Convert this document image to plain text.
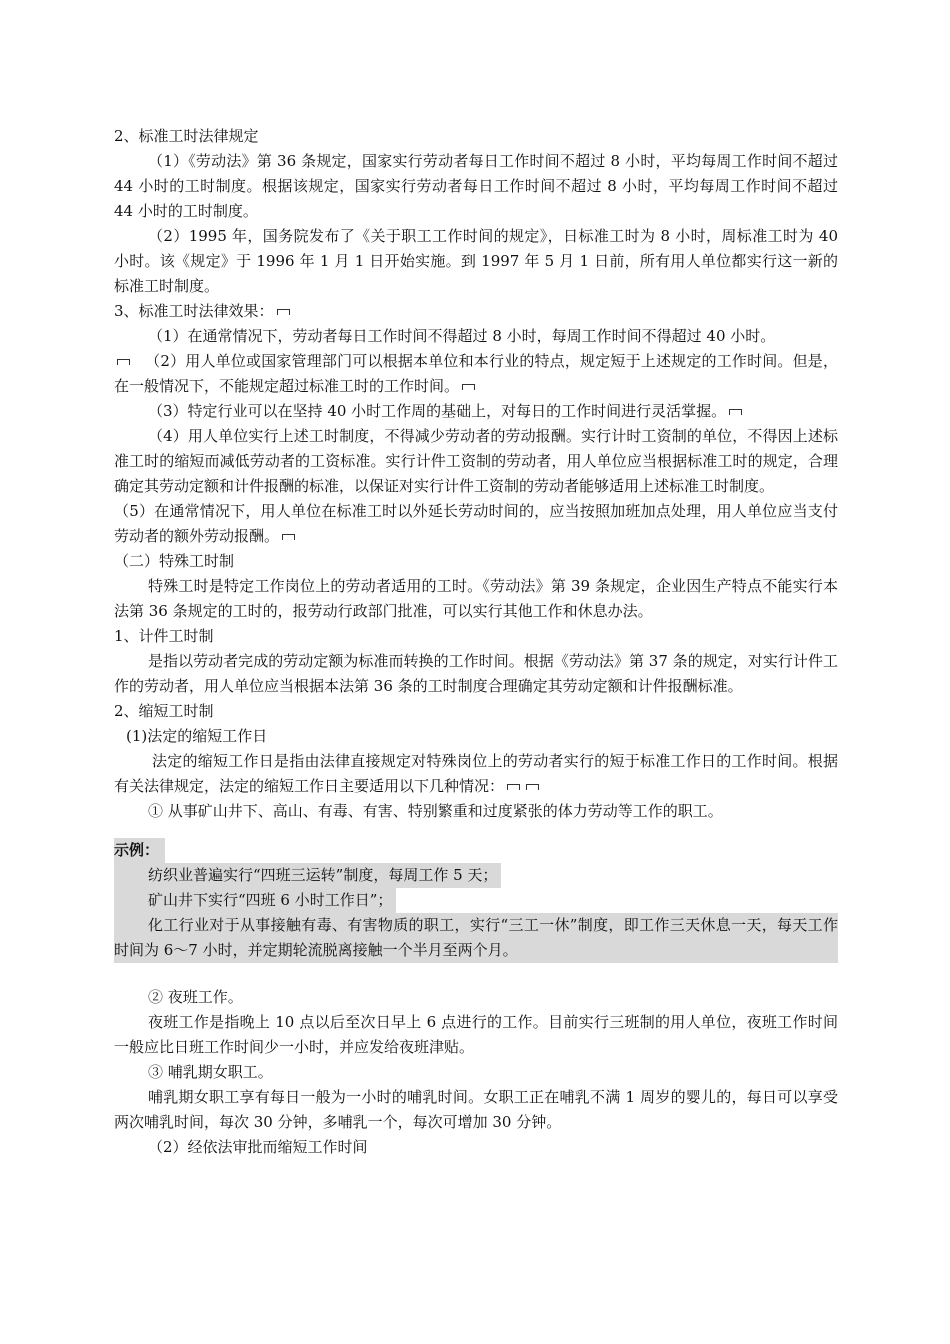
2、标准工时法律规定
（1）《劳动法》第 36 条规定，国家实行劳动者每日工作时间不超过 8 小时，平均每周工作时间不超过 44 小时的工时制度。根据该规定，国家实行劳动者每日工作时间不超过 8 小时，平均每周工作时间不超过 44 小时的工时制度。
（2）1995 年，国务院发布了《关于职工工作时间的规定》，日标准工时为 8 小时，周标准工时为 40 小时。该《规定》于 1996 年 1 月 1 日开始实施。到 1997 年 5 月 1 日前，所有用人单位都实行这一新的标准工时制度。
3、标准工时法律效果：
（1）在通常情况下，劳动者每日工作时间不得超过 8 小时，每周工作时间不得超过 40 小时。
（2）用人单位或国家管理部门可以根据本单位和本行业的特点，规定短于上述规定的工作时间。但是，在一般情况下，不能规定超过标准工时的工作时间。
（3）特定行业可以在坚持 40 小时工作周的基础上，对每日的工作时间进行灵活掌握。
（4）用人单位实行上述工时制度，不得减少劳动者的劳动报酬。实行计时工资制的单位，不得因上述标准工时的缩短而减低劳动者的工资标准。实行计件工资制的劳动者，用人单位应当根据标准工时的规定，合理确定其劳动定额和计件报酬的标准，以保证对实行计件工资制的劳动者能够适用上述标准工时制度。
（5）在通常情况下，用人单位在标准工时以外延长劳动时间的，应当按照加班加点处理，用人单位应当支付劳动者的额外劳动报酬。
（二）特殊工时制
特殊工时是特定工作岗位上的劳动者适用的工时。《劳动法》第 39 条规定，企业因生产特点不能实行本法第 36 条规定的工时的，报劳动行政部门批准，可以实行其他工作和休息办法。
1、计件工时制
是指以劳动者完成的劳动定额为标准而转换的工作时间。根据《劳动法》第 37 条的规定，对实行计件工作的劳动者，用人单位应当根据本法第 36 条的工时制度合理确定其劳动定额和计件报酬标准。
2、缩短工时制
(1)法定的缩短工作日
法定的缩短工作日是指由法律直接规定对特殊岗位上的劳动者实行的短于标准工作日的工作时间。根据有关法律规定，法定的缩短工作日主要适用以下几种情况：
① 从事矿山井下、高山、有毒、有害、特别繁重和过度紧张的体力劳动等工作的职工。
示例：
纺织业普遍实行“四班三运转”制度，每周工作 5 天；
矿山井下实行“四班 6 小时工作日”；
化工行业对于从事接触有毒、有害物质的职工，实行“三工一休”制度，即工作三天休息一天，每天工作时间为 6～7 小时，并定期轮流脱离接触一个半月至两个月。
② 夜班工作。
夜班工作是指晚上 10 点以后至次日早上 6 点进行的工作。目前实行三班制的用人单位，夜班工作时间一般应比日班工作时间少一小时，并应发给夜班津贴。
③ 哺乳期女职工。
哺乳期女职工享有每日一般为一小时的哺乳时间。女职工正在哺乳不满 1 周岁的婴儿的，每日可以享受两次哺乳时间，每次 30 分钟，多哺乳一个，每次可增加 30 分钟。
（2）经依法审批而缩短工作时间
